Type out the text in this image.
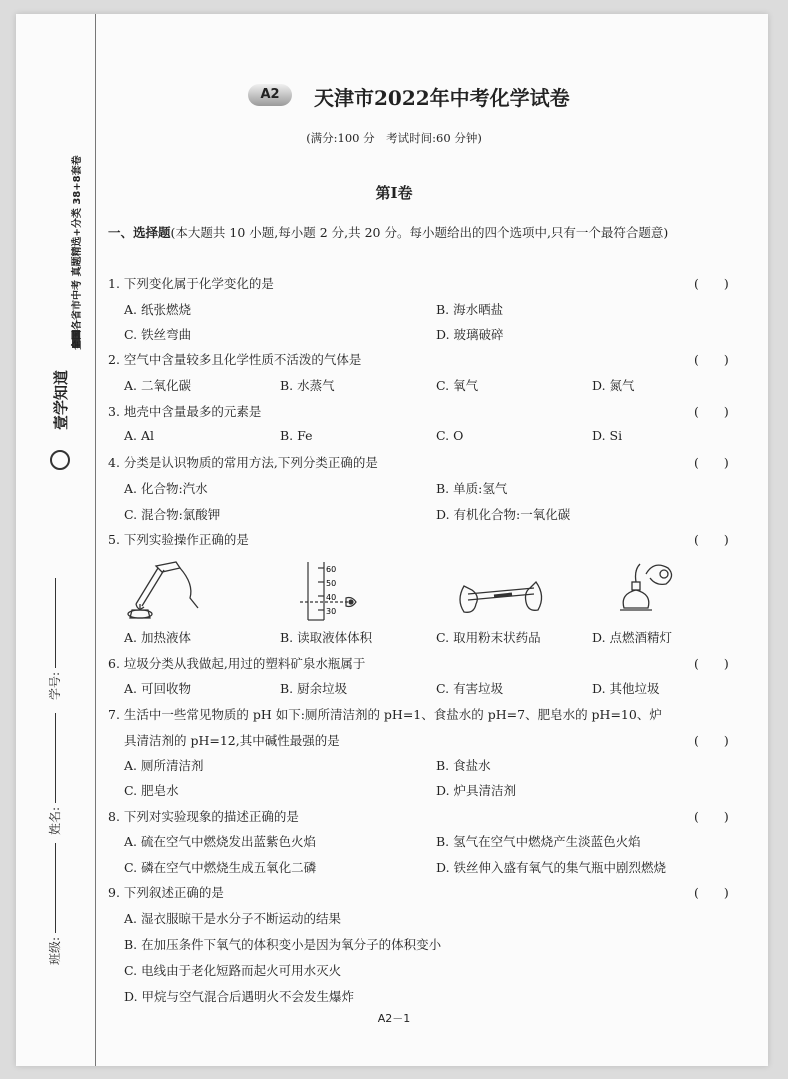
壹学知道
全国各省市中考 真题精选+分类 38+8套卷
学号:
姓名:
班级:
A2	天津市2022年中考化学试卷
(满分:100 分　考试时间:60 分钟)
第Ⅰ卷
一、选择题(本大题共 10 小题,每小题 2 分,共 20 分。每小题给出的四个选项中,只有一个最符合题意)
1. 下列变化属于化学变化的是	(　　)
A. 纸张燃烧	B. 海水晒盐
C. 铁丝弯曲	D. 玻璃破碎
2. 空气中含量较多且化学性质不活泼的气体是	(　　)
A. 二氧化碳	B. 水蒸气	C. 氧气	D. 氮气
3. 地壳中含量最多的元素是	(　　)
A. Al	B. Fe	C. O	D. Si
4. 分类是认识物质的常用方法,下列分类正确的是	(　　)
A. 化合物:汽水	B. 单质:氢气
C. 混合物:氯酸钾	D. 有机化合物:一氧化碳
5. 下列实验操作正确的是	(　　)
60
50
40
30
A. 加热液体	B. 读取液体体积	C. 取用粉末状药品	D. 点燃酒精灯
6. 垃圾分类从我做起,用过的塑料矿泉水瓶属于	(　　)
A. 可回收物	B. 厨余垃圾	C. 有害垃圾	D. 其他垃圾
7. 生活中一些常见物质的 pH 如下:厕所清洁剂的 pH=1、食盐水的 pH=7、肥皂水的 pH=10、炉
具清洁剂的 pH=12,其中碱性最强的是	(　　)
A. 厕所清洁剂	B. 食盐水
C. 肥皂水	D. 炉具清洁剂
8. 下列对实验现象的描述正确的是	(　　)
A. 硫在空气中燃烧发出蓝紫色火焰	B. 氢气在空气中燃烧产生淡蓝色火焰
C. 磷在空气中燃烧生成五氧化二磷	D. 铁丝伸入盛有氧气的集气瓶中剧烈燃烧
9. 下列叙述正确的是	(　　)
A. 湿衣服晾干是水分子不断运动的结果
B. 在加压条件下氧气的体积变小是因为氧分子的体积变小
C. 电线由于老化短路而起火可用水灭火
D. 甲烷与空气混合后遇明火不会发生爆炸
A2－1
